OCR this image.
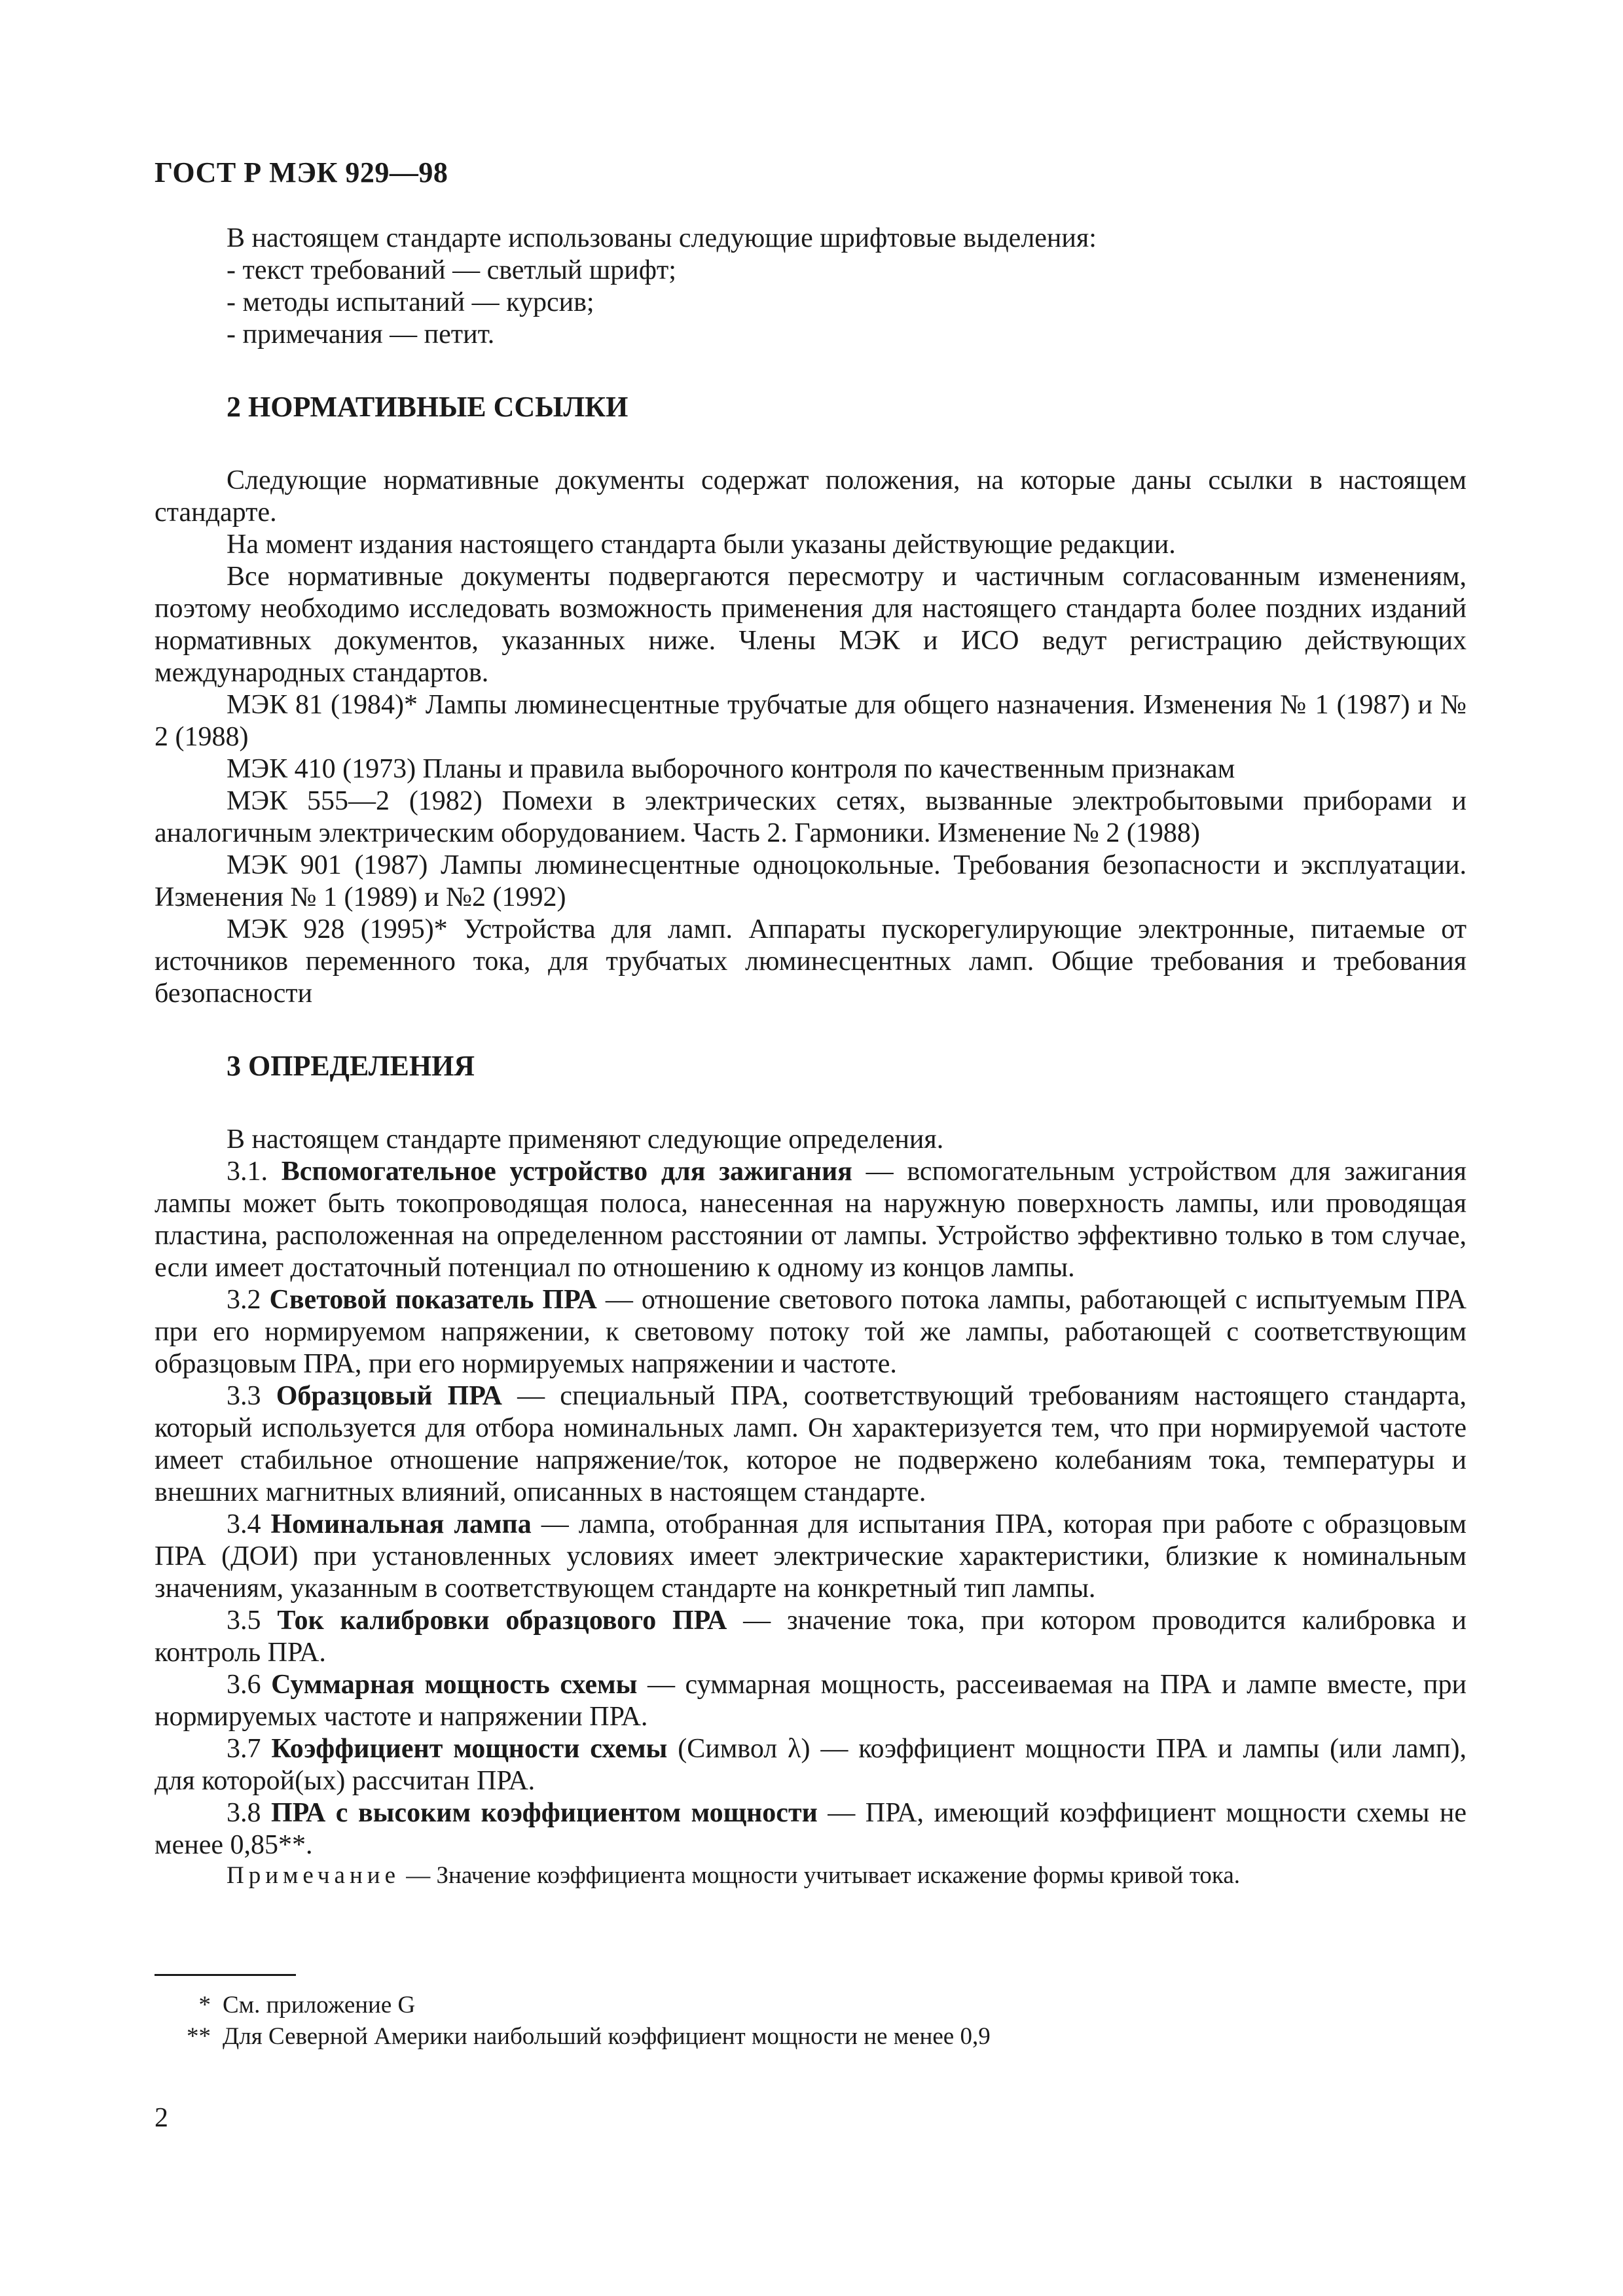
ГОСТ Р МЭК 929—98

В настоящем стандарте использованы следующие шрифтовые выделения:

- текст требований — светлый шрифт;

- методы испытаний — курсив;

- примечания — петит.

2 НОРМАТИВНЫЕ ССЫЛКИ

Следующие нормативные документы содержат положения, на которые даны ссылки в настоящем стандарте.

На момент издания настоящего стандарта были указаны действующие редакции.

Все нормативные документы подвергаются пересмотру и частичным согласованным изменениям, поэтому необходимо исследовать возможность применения для настоящего стандарта более поздних изданий нормативных документов, указанных ниже. Члены МЭК и ИСО ведут регистрацию действующих международных стандартов.

МЭК 81 (1984)* Лампы люминесцентные трубчатые для общего назначения. Изменения № 1 (1987) и № 2 (1988)

МЭК 410 (1973) Планы и правила выборочного контроля по качественным признакам

МЭК 555—2 (1982) Помехи в электрических сетях, вызванные электробытовыми приборами и аналогичным электрическим оборудованием. Часть 2. Гармоники. Изменение № 2 (1988)

МЭК 901 (1987) Лампы люминесцентные одноцокольные. Требования безопасности и эксплуатации. Изменения № 1 (1989) и №2 (1992)

МЭК 928 (1995)* Устройства для ламп. Аппараты пускорегулирующие электронные, питаемые от источников переменного тока, для трубчатых люминесцентных ламп. Общие требования и требования безопасности

3 ОПРЕДЕЛЕНИЯ

В настоящем стандарте применяют следующие определения.

3.1. Вспомогательное устройство для зажигания — вспомогательным устройством для зажигания лампы может быть токопроводящая полоса, нанесенная на наружную поверхность лампы, или проводящая пластина, расположенная на определенном расстоянии от лампы. Устройство эффективно только в том случае, если имеет достаточный потенциал по отношению к одному из концов лампы.

3.2 Световой показатель ПРА — отношение светового потока лампы, работающей с испытуемым ПРА при его нормируемом напряжении, к световому потоку той же лампы, работающей с соответствующим образцовым ПРА, при его нормируемых напряжении и частоте.

3.3 Образцовый ПРА — специальный ПРА, соответствующий требованиям настоящего стандарта, который используется для отбора номинальных ламп. Он характеризуется тем, что при нормируемой частоте имеет стабильное отношение напряжение/ток, которое не подвержено колебаниям тока, температуры и внешних магнитных влияний, описанных в настоящем стандарте.

3.4 Номинальная лампа — лампа, отобранная для испытания ПРА, которая при работе с образцовым ПРА (ДОИ) при установленных условиях имеет электрические характеристики, близкие к номинальным значениям, указанным в соответствующем стандарте на конкретный тип лампы.

3.5 Ток калибровки образцового ПРА — значение тока, при котором проводится калибровка и контроль ПРА.

3.6 Суммарная мощность схемы — суммарная мощность, рассеиваемая на ПРА и лампе вместе, при нормируемых частоте и напряжении ПРА.

3.7 Коэффициент мощности схемы (Символ λ) — коэффициент мощности ПРА и лампы (или ламп), для которой(ых) рассчитан ПРА.

3.8 ПРА с высоким коэффициентом мощности — ПРА, имеющий коэффициент мощности схемы не менее 0,85**.

Примечание — Значение коэффициента мощности учитывает искажение формы кривой тока.

* См. приложение G
** Для Северной Америки наибольший коэффициент мощности не менее 0,9
2
